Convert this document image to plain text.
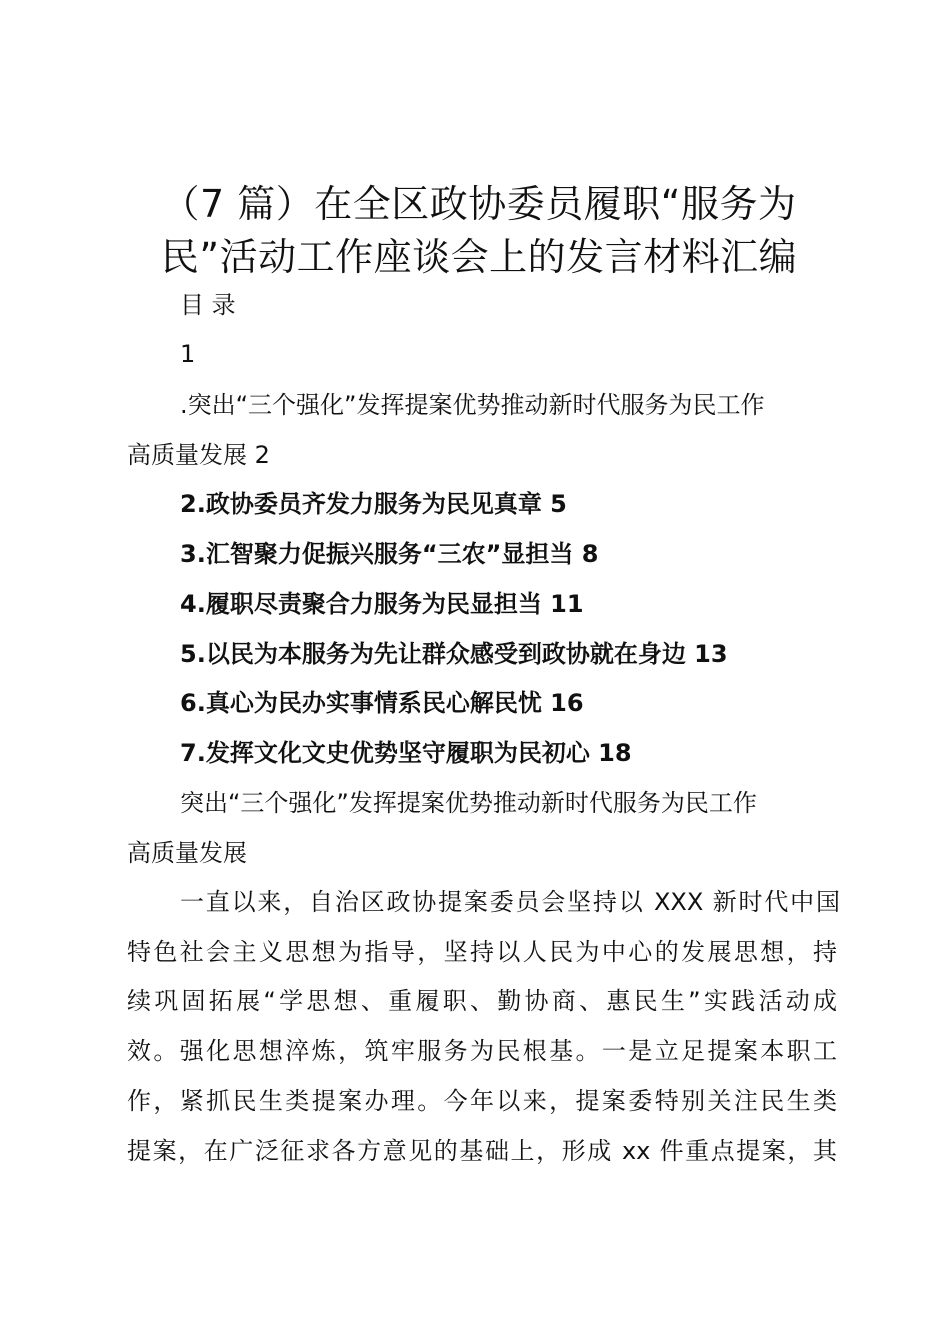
（7 篇）在全区政协委员履职“服务为
民”活动工作座谈会上的发言材料汇编
目 录
1
.突出“三个强化”发挥提案优势推动新时代服务为民工作
高质量发展 2
2.政协委员齐发力服务为民见真章 5
3.汇智聚力促振兴服务“三农”显担当 8
4.履职尽责聚合力服务为民显担当 11
5.以民为本服务为先让群众感受到政协就在身边 13
6.真心为民办实事情系民心解民忧 16
7.发挥文化文史优势坚守履职为民初心 18
突出“三个强化”发挥提案优势推动新时代服务为民工作
高质量发展
一直以来，自治区政协提案委员会坚持以 XXX 新时代中国
特色社会主义思想为指导，坚持以人民为中心的发展思想，持
续巩固拓展“学思想、重履职、勤协商、惠民生”实践活动成
效。强化思想淬炼，筑牢服务为民根基。一是立足提案本职工
作，紧抓民生类提案办理。今年以来，提案委特别关注民生类
提案，在广泛征求各方意见的基础上，形成 xx 件重点提案，其
